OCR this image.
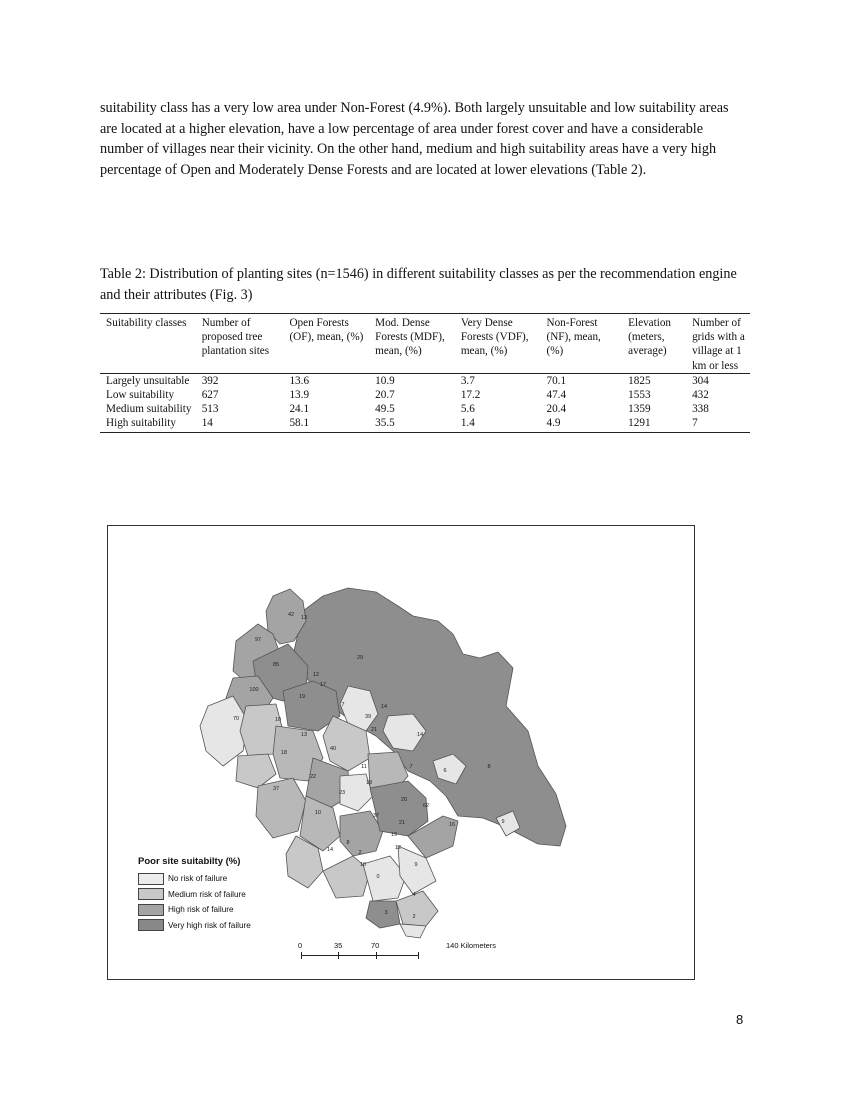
suitability class has a very low area under Non-Forest (4.9%). Both largely unsuitable and low suitability areas are located at a higher elevation, have a low percentage of area under forest cover and have a considerable number of villages near their vicinity. On the other hand, medium and high suitability areas have a very high percentage of Open and Moderately Dense Forests and are located at lower elevations (Table 2).

Table 2: Distribution of planting sites (n=1546) in different suitability classes as per the recommendation engine and their attributes (Fig. 3)

Suitability classes	Number of proposed tree plantation sites	Open Forests (OF), mean, (%)	Mod. Dense Forests (MDF), mean, (%)	Very Dense Forests (VDF), mean, (%)	Non-Forest (NF), mean, (%)	Elevation (meters, average)	Number of grids with a village at 1 km or less
Largely unsuitable	392	13.6	10.9	3.7	70.1	1825	304
Low suitability	627	13.9	20.7	17.2	47.4	1553	432
Medium suitability	513	24.1	49.5	5.6	20.4	1359	338
High suitability	14	58.1	35.5	1.4	4.9	1291	7
42 13
97
29
85
12
17
100
19
7	14
70	10	39
21
14
13
18
40
6
11	7	8
37
22
18
23
20
62
10	37
21
19
16	9
14
8
12
10
2
9
0
4
3
2
Poor site suitabilty (%)
No risk of failure
Medium risk of failure
High risk of failure
Very high risk of failure
0	35	70	140 Kilometers
8
